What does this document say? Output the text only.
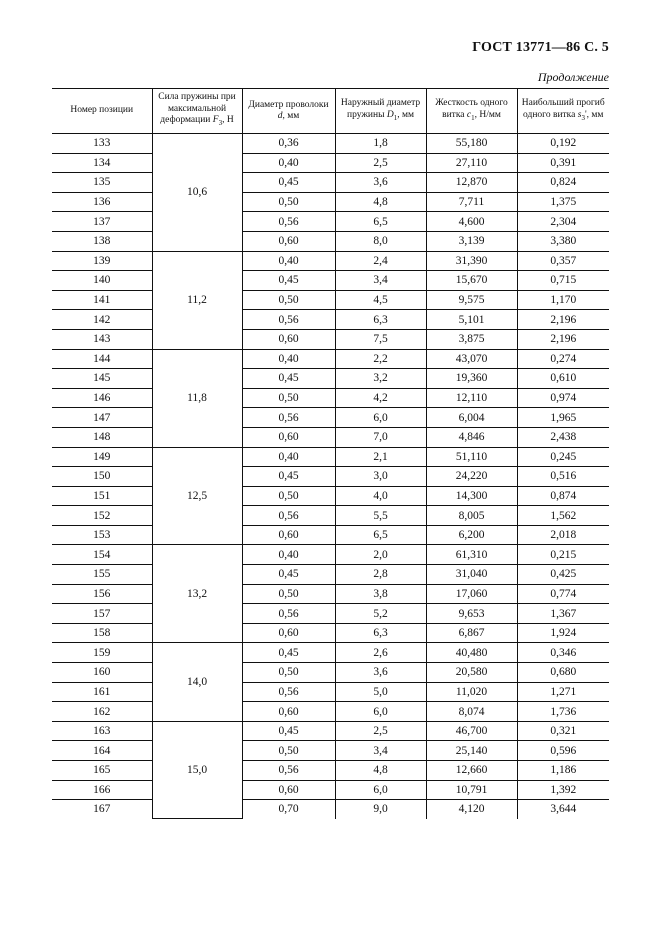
ГОСТ 13771—86 С. 5
Продолжение
Номер позиции	Сила пружины при максимальной деформации $F_3$, Н	Диаметр проволоки d, мм	Наружный диаметр пружины $D_1$, мм	Жесткость одного витка $c_1$, Н/мм	Наибольший прогиб одного витка $s_3'$, мм
133	10,6	0,36	1,8	55,180	0,192
134		0,40	2,5	27,110	0,391
135		0,45	3,6	12,870	0,824
136		0,50	4,8	7,711	1,375
137		0,56	6,5	4,600	2,304
138		0,60	8,0	3,139	3,380
139	11,2	0,40	2,4	31,390	0,357
140		0,45	3,4	15,670	0,715
141		0,50	4,5	9,575	1,170
142		0,56	6,3	5,101	2,196
143		0,60	7,5	3,875	2,196
144	11,8	0,40	2,2	43,070	0,274
145		0,45	3,2	19,360	0,610
146		0,50	4,2	12,110	0,974
147		0,56	6,0	6,004	1,965
148		0,60	7,0	4,846	2,438
149	12,5	0,40	2,1	51,110	0,245
150		0,45	3,0	24,220	0,516
151		0,50	4,0	14,300	0,874
152		0,56	5,5	8,005	1,562
153		0,60	6,5	6,200	2,018
154	13,2	0,40	2,0	61,310	0,215
155		0,45	2,8	31,040	0,425
156		0,50	3,8	17,060	0,774
157		0,56	5,2	9,653	1,367
158		0,60	6,3	6,867	1,924
159	14,0	0,45	2,6	40,480	0,346
160		0,50	3,6	20,580	0,680
161		0,56	5,0	11,020	1,271
162		0,60	6,0	8,074	1,736
163	15,0	0,45	2,5	46,700	0,321
164		0,50	3,4	25,140	0,596
165		0,56	4,8	12,660	1,186
166		0,60	6,0	10,791	1,392
167		0,70	9,0	4,120	3,644
